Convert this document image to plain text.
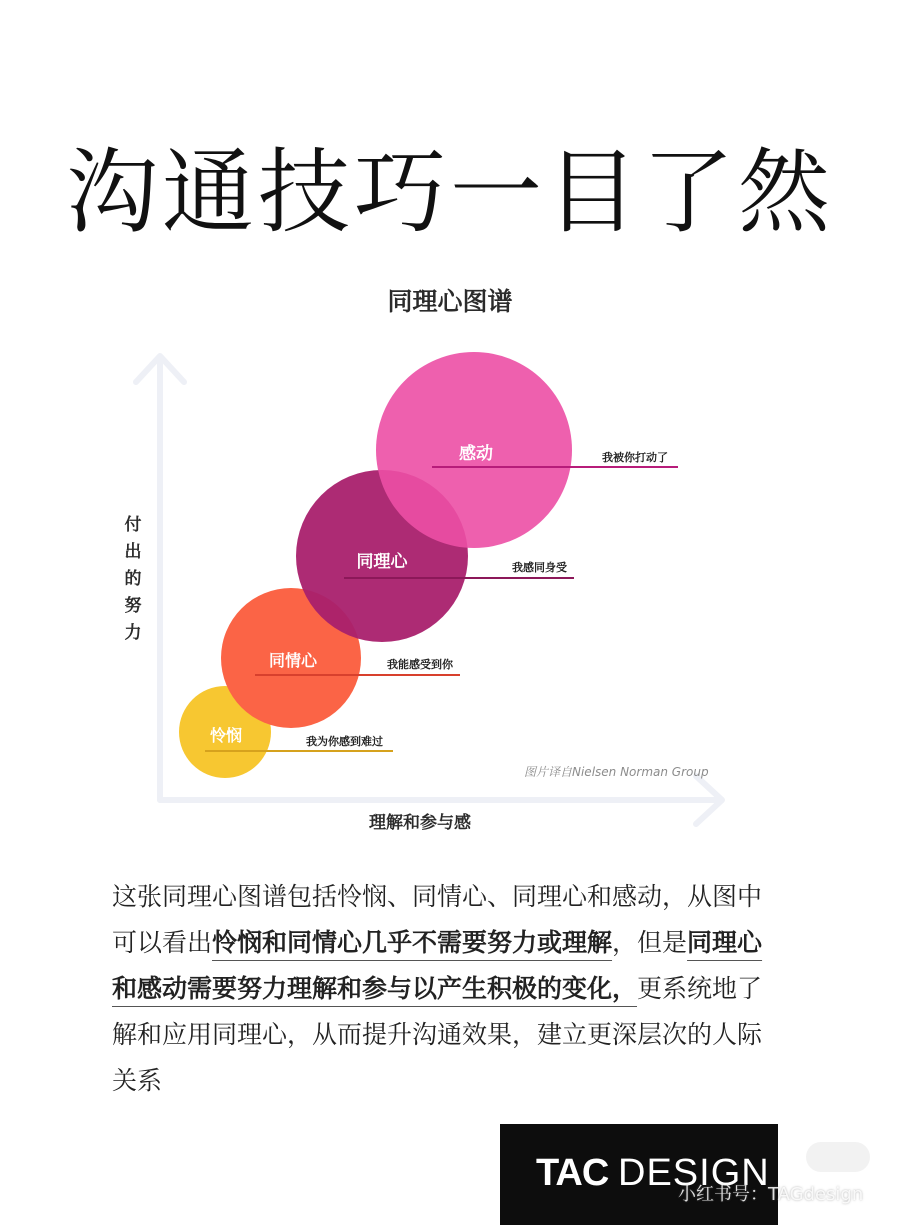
沟通技巧一目了然
同理心图谱
怜悯	我为你感到难过
同情心	我能感受到你
同理心	我感同身受
感动	我被你打动了
付出的努力
理解和参与感
图片译自Nielsen Norman Group
这张同理心图谱包括怜悯、同情心、同理心和感动，从图中可以看出怜悯和同情心几乎不需要努力或理解，但是同理心和感动需要努力理解和参与以产生积极的变化，更系统地了解和应用同理心，从而提升沟通效果，建立更深层次的人际关系
TAC DESIGN
小红书号：TAGdesign
